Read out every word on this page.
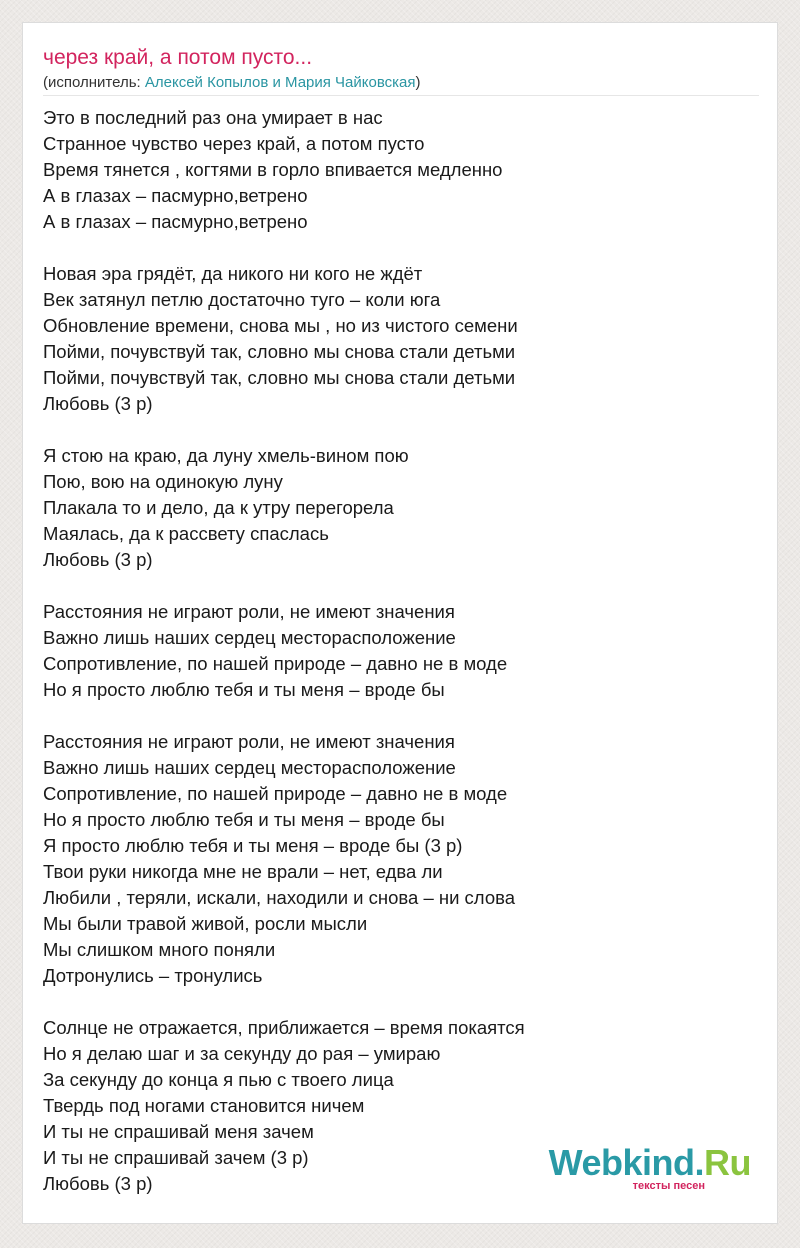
через край, а потом пусто...
(исполнитель: Алексей Копылов и Мария Чайковская)
Это в последний раз она умирает в нас
Странное чувство через край, а потом пусто
Время тянется , когтями в горло впивается медленно
А в глазах – пасмурно,ветрено
А в глазах – пасмурно,ветрено
Новая эра грядёт, да никого ни кого не ждёт
Век затянул петлю достаточно туго – коли юга
Обновление времени, снова мы , но из чистого семени
Пойми, почувствуй так, словно мы снова стали детьми
Пойми, почувствуй так, словно мы снова стали детьми
Любовь (3 р)
Я стою на краю, да луну хмель-вином пою
Пою, вою на одинокую луну
Плакала то и дело, да к утру перегорела
Маялась, да к рассвету спаслась
Любовь (3 р)
Расстояния не играют роли, не имеют значения
Важно лишь наших сердец месторасположение
Сопротивление, по нашей природе – давно не в моде
Но я просто люблю тебя и ты меня – вроде бы
Расстояния не играют роли, не имеют значения
Важно лишь наших сердец месторасположение
Сопротивление, по нашей природе – давно не в моде
Но я просто люблю тебя и ты меня – вроде бы
Я просто люблю тебя и ты меня – вроде бы (3 р)
Твои руки никогда мне не врали – нет, едва ли
Любили , теряли, искали, находили и снова – ни слова
Мы были травой живой, росли мысли
Мы слишком много поняли
Дотронулись – тронулись
Солнце не отражается, приближается – время покаятся
Но я делаю шаг и за секунду до рая – умираю
За секунду до конца я пью с твоего лица
Твердь под ногами становится ничем
И ты не спрашивай меня зачем
И ты не спрашивай зачем (3 р)
Любовь (3 р)
Webkind.Ru
тексты песен
